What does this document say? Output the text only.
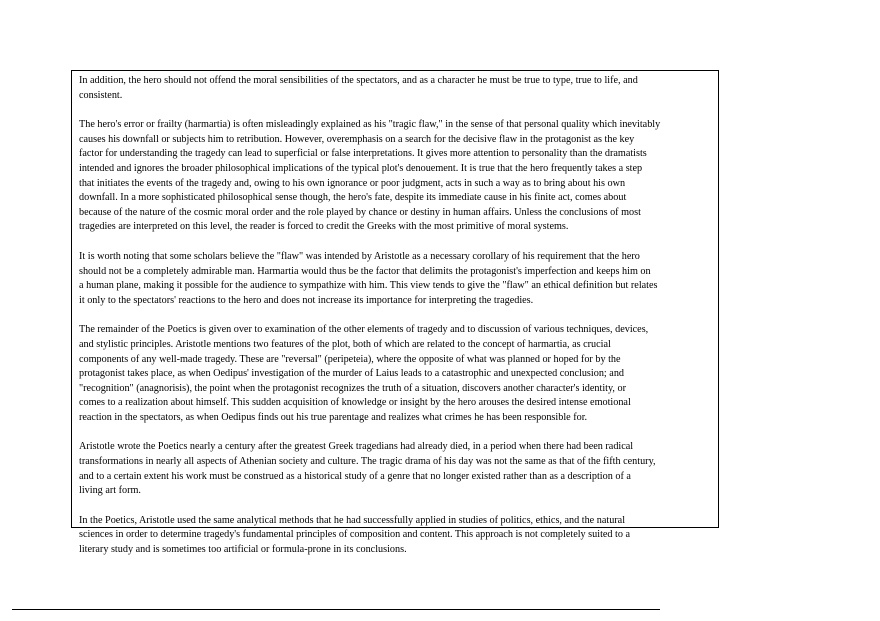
In addition, the hero should not offend the moral sensibilities of the spectators, and as a character he must be true to type, true to life, and
consistent.

The hero's error or frailty (harmartia) is often misleadingly explained as his "tragic flaw," in the sense of that personal quality which inevitably
causes his downfall or subjects him to retribution. However, overemphasis on a search for the decisive flaw in the protagonist as the key
factor for understanding the tragedy can lead to superficial or false interpretations. It gives more attention to personality than the dramatists
intended and ignores the broader philosophical implications of the typical plot's denouement. It is true that the hero frequently takes a step
that initiates the events of the tragedy and, owing to his own ignorance or poor judgment, acts in such a way as to bring about his own
downfall. In a more sophisticated philosophical sense though, the hero's fate, despite its immediate cause in his finite act, comes about
because of the nature of the cosmic moral order and the role played by chance or destiny in human affairs. Unless the conclusions of most
tragedies are interpreted on this level, the reader is forced to credit the Greeks with the most primitive of moral systems.

It is worth noting that some scholars believe the "flaw" was intended by Aristotle as a necessary corollary of his requirement that the hero
should not be a completely admirable man. Harmartia would thus be the factor that delimits the protagonist's imperfection and keeps him on
a human plane, making it possible for the audience to sympathize with him. This view tends to give the "flaw" an ethical definition but relates
it only to the spectators' reactions to the hero and does not increase its importance for interpreting the tragedies.

The remainder of the Poetics is given over to examination of the other elements of tragedy and to discussion of various techniques, devices,
and stylistic principles. Aristotle mentions two features of the plot, both of which are related to the concept of harmartia, as crucial
components of any well-made tragedy. These are "reversal" (peripeteia), where the opposite of what was planned or hoped for by the
protagonist takes place, as when Oedipus' investigation of the murder of Laius leads to a catastrophic and unexpected conclusion; and
"recognition" (anagnorisis), the point when the protagonist recognizes the truth of a situation, discovers another character's identity, or
comes to a realization about himself. This sudden acquisition of knowledge or insight by the hero arouses the desired intense emotional
reaction in the spectators, as when Oedipus finds out his true parentage and realizes what crimes he has been responsible for.

Aristotle wrote the Poetics nearly a century after the greatest Greek tragedians had already died, in a period when there had been radical
transformations in nearly all aspects of Athenian society and culture. The tragic drama of his day was not the same as that of the fifth century,
and to a certain extent his work must be construed as a historical study of a genre that no longer existed rather than as a description of a
living art form.

In the Poetics, Aristotle used the same analytical methods that he had successfully applied in studies of politics, ethics, and the natural
sciences in order to determine tragedy's fundamental principles of composition and content. This approach is not completely suited to a
literary study and is sometimes too artificial or formula-prone in its conclusions.
